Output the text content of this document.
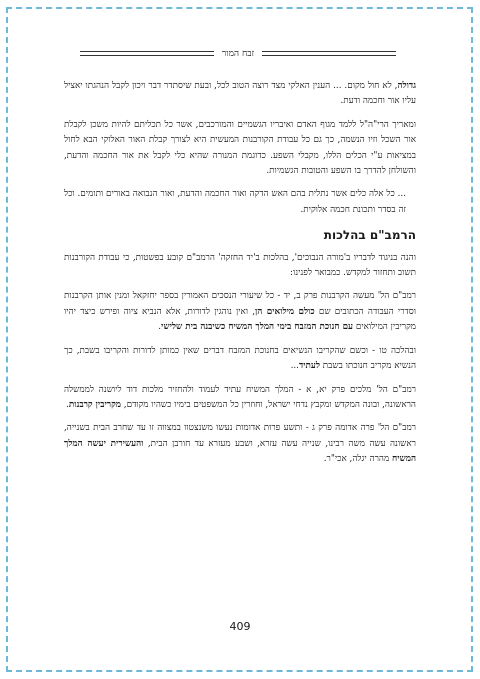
זבח המור

גדולה, לא חול מקום. ... הענין האלקי מצד רוצה הטוב לכל, ובעת שיסתדר דבר ויכון לקבל הנהגתו יאציל עליו אור וחכמה ודעת.

ומאריך הרי"ה"ל ללמד מגוף האדם ואיבריו הגשמיים והמורכבים, אשר כל תכליתם להיות משכן לקבלת אור השכל וזיו הנשמה, כך גם כל עבודת הקורבנות המעשית היא לצורך קבלת האור האלוקי הבא לחול במציאות ע"י הכלים הללו, מקבלי השפע. כדוגמת המנורה שהיא כלי לקבל את אור החכמה והדעת, והשולחן להדרך בו השפע והטובות הגשמיות.

... כל אלה כלים אשר נתלית בהם האש הדקה ואור החכמה והדעת, ואור הנבואה באורים ותומים. וכל זה בסדר ותכונת חכמה אלוקית.

הרמב"ם בהלכות

והנה בניגוד לדבריו ב'מורה הנבוכים', בהלכות ב'יד החזקה' הרמב"ם קובע בפשטות, כי עבודת הקורבנות תשוב ותחזור למקדש. כמבואר לפנינו:

רמב"ם הל' מעשה הקרבנות פרק ב, יד - כל שיעורי הנסכים האמורין בספר יחזקאל ומנין אותן הקרבנות וסדרי העבודה הכתובים שם כולם מילואים הן, ואין נוהגין לדורות, אלא הנביא ציוה ופירש כיצד יהיו מקריבין המילואים עם חנוכת המזבח בימי המלך המשיח כשיבנה בית שלישי.

ובהלכה טו - וכשם שהקריבו הנשיאים בחנוכת המזבח דברים שאין כמותן לדורות והקריבו בשבת, כך הנשיא מקריב חנוכתו בשבת לעתיד...

רמב"ם הל' מלכים פרק יא, א - המלך המשיח עתיד לעמוד ולהחזיר מלכות דוד ליושנה לממשלה הראשונה, ובונה המקדש ומקבץ נדחי ישראל, וחוזרין כל המשפטים בימיו כשהיו מקודם, מקריבין קרבנות.

רמב"ם הל' פרה אדומה פרק ג - ותשע פרות אדומות נעשו משנצטוו במצווה זו עד שחרב הבית בשנייה, ראשונה עשה משה רבינו, שנייה עשה עזרא, ושבע מעזרא עד חורבן הבית, והעשירית יעשה המלך המשיח מהרה יגלה, אכי"ר.

409
